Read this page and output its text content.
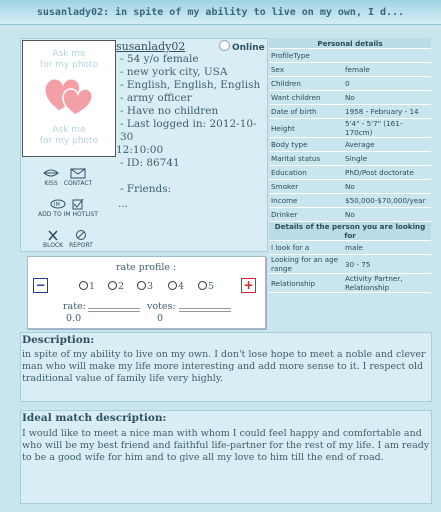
susanlady02: in spite of my ability to live on my own, I d...
Ask me
for my photo
Ask me
for my photo
Online
susanlady02
- 54 y/o female
- new york city, USA
- English, English, English
- army officer
- Have no children
- Last logged in: 2012-10-30
12:10:00
- ID: 86741
- Friends:
...
KISS	CONTACT
IM
ADD TO IM HOTLIST
BLOCK	REPORT
Personal details	
ProfileType	
Sex	female
Children	0
Want children	No
Date of birth	1958 - February - 14
Height	5'4" - 5'7" (161-170cm)
Body type	Average
Marital status	Single
Education	PhD/Post doctorate
Smoker	No
Income	$50,000-$70,000/year
Drinker	No
Details of the person you are looking for	
I look for a	male
Looking for an age range	30 - 75
Relationship	Activity Partner, Relationship
rate profile :
rate:
0.0
votes:
0
−	+
1	2	3	4	5
Description:
in spite of my ability to live on my own. I don't lose hope to meet a noble and clever man who will make my life more interesting and add more sense to it. I respect old traditional value of family life very highly.
Ideal match description:
I would like to meet a nice man with whom I could feel happy and comfortable and who will be my best friend and faithful life-partner for the rest of my life. I am ready to be a good wife for him and to give all my love to him till the end of road.
